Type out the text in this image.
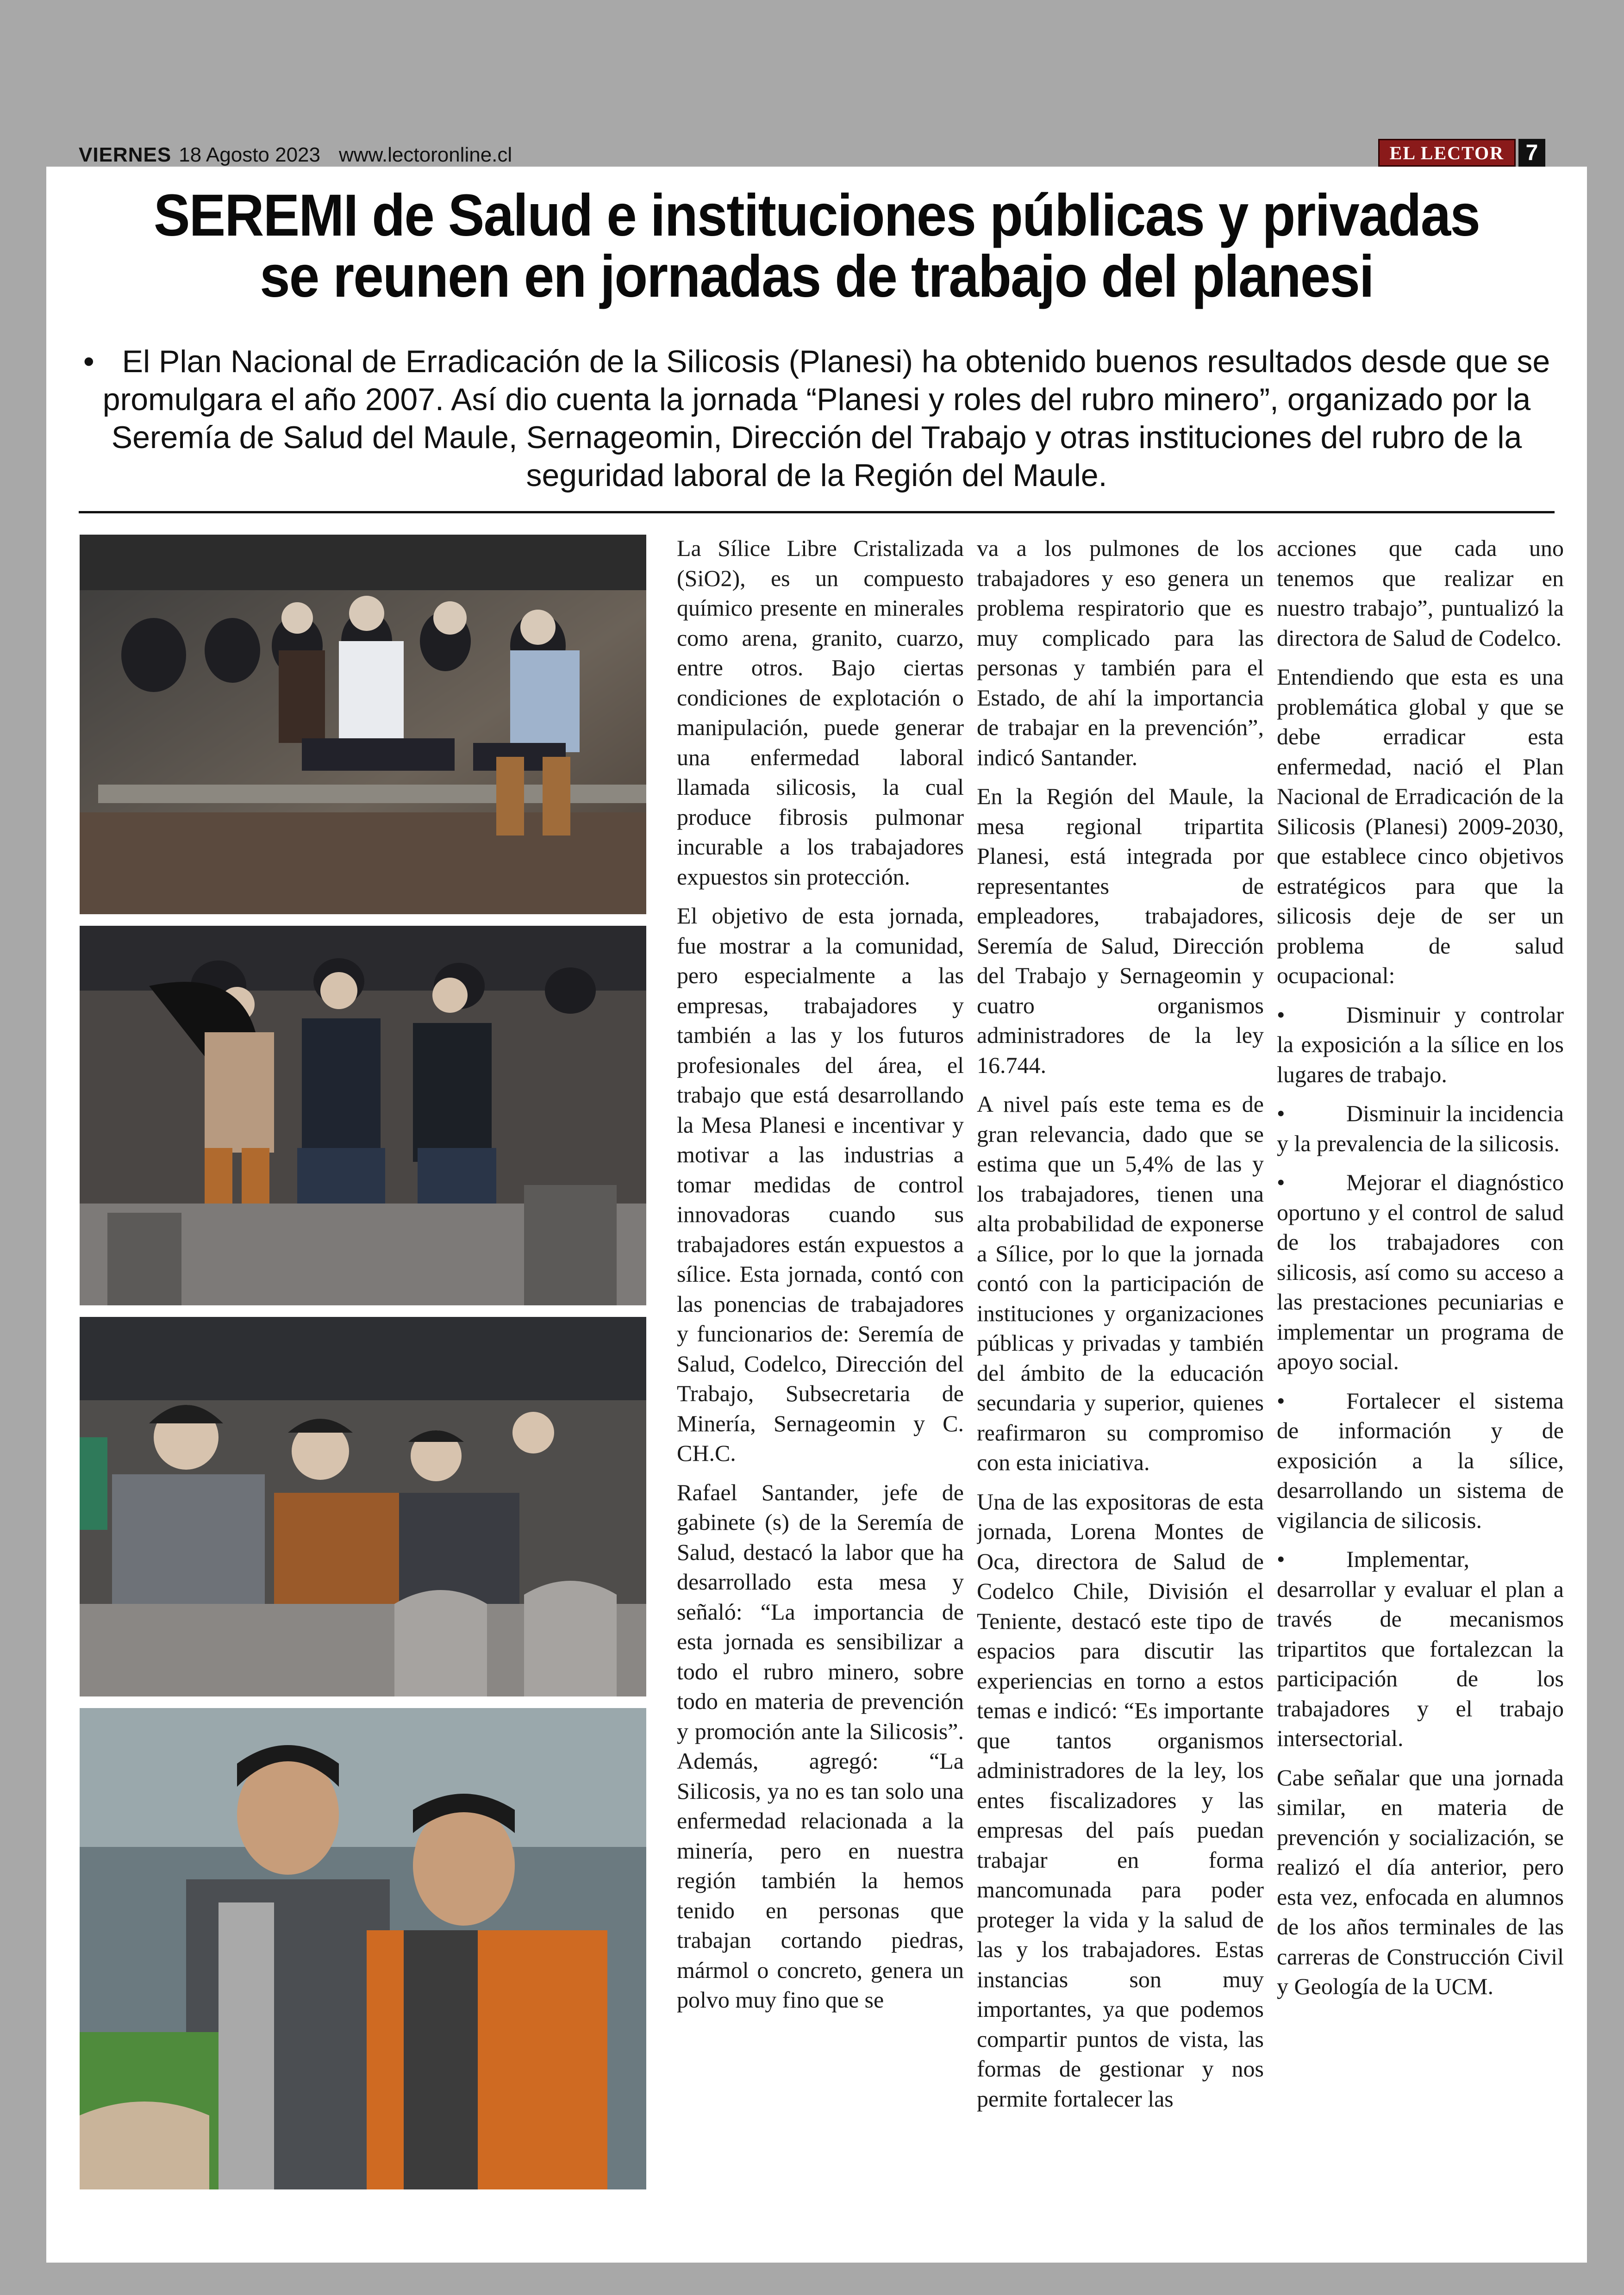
VIERNES 18 Agosto 2023 www.lectoronline.cl	EL LECTOR 7
SEREMI de Salud e instituciones públicas y privadas se reunen en jornadas de trabajo del planesi
• El Plan Nacional de Erradicación de la Silicosis (Planesi) ha obtenido buenos resultados desde que se promulgara el año 2007. Así dio cuenta la jornada “Planesi y roles del rubro minero”, organizado por la Seremía de Salud del Maule, Sernageomin, Dirección del Trabajo y otras instituciones del rubro de la seguridad laboral de la Región del Maule.

La Sílice Libre Cristalizada (SiO2), es un compuesto químico presente en minerales como arena, granito, cuarzo, entre otros. Bajo ciertas condiciones de explotación o manipulación, puede generar una enfermedad laboral llamada silicosis, la cual produce fibrosis pulmonar incurable a los trabajadores expuestos sin protección.

El objetivo de esta jornada, fue mostrar a la comunidad, pero especialmente a las empresas, trabajadores y también a las y los futuros profesionales del área, el trabajo que está desarrollando la Mesa Planesi e incentivar y motivar a las industrias a tomar medidas de control innovadoras cuando sus trabajadores están expuestos a sílice. Esta jornada, contó con las ponencias de trabajadores y funcionarios de: Seremía de Salud, Codelco, Dirección del Trabajo, Subsecretaria de Minería, Sernageomin y C. CH.C.

Rafael Santander, jefe de gabinete (s) de la Seremía de Salud, destacó la labor que ha desarrollado esta mesa y señaló: “La importancia de esta jornada es sensibilizar a todo el rubro minero, sobre todo en materia de prevención y promoción ante la Silicosis”. Además, agregó: “La Silicosis, ya no es tan solo una enfermedad relacionada a la minería, pero en nuestra región también la hemos tenido en personas que trabajan cortando piedras, mármol o concreto, genera un polvo muy fino que se

va a los pulmones de los trabajadores y eso genera un problema respiratorio que es muy complicado para las personas y también para el Estado, de ahí la importancia de trabajar en la prevención”, indicó Santander.

En la Región del Maule, la mesa regional tripartita Planesi, está integrada por representantes de empleadores, trabajadores, Seremía de Salud, Dirección del Trabajo y Sernageomin y cuatro organismos administradores de la ley 16.744.

A nivel país este tema es de gran relevancia, dado que se estima que un 5,4% de las y los trabajadores, tienen una alta probabilidad de exponerse a Sílice, por lo que la jornada contó con la participación de instituciones y organizaciones públicas y privadas y también del ámbito de la educación secundaria y superior, quienes reafirmaron su compromiso con esta iniciativa.

Una de las expositoras de esta jornada, Lorena Montes de Oca, directora de Salud de Codelco Chile, División el Teniente, destacó este tipo de espacios para discutir las experiencias en torno a estos temas e indicó: “Es importante que tantos organismos administradores de la ley, los entes fiscalizadores y las empresas del país puedan trabajar en forma mancomunada para poder proteger la vida y la salud de las y los trabajadores. Estas instancias son muy importantes, ya que podemos compartir puntos de vista, las formas de gestionar y nos permite fortalecer las

acciones que cada uno tenemos que realizar en nuestro trabajo”, puntualizó la directora de Salud de Codelco.

Entendiendo que esta es una problemática global y que se debe erradicar esta enfermedad, nació el Plan Nacional de Erradicación de la Silicosis (Planesi) 2009-2030, que establece cinco objetivos estratégicos para que la silicosis deje de ser un problema de salud ocupacional:

•	Disminuir y controlar la exposición a la sílice en los lugares de trabajo.

•	Disminuir la incidencia y la prevalencia de la silicosis.

•	Mejorar el diagnóstico oportuno y el control de salud de los trabajadores con silicosis, así como su acceso a las prestaciones pecuniarias e implementar un programa de apoyo social.

•	Fortalecer el sistema de información y de exposición a la sílice, desarrollando un sistema de vigilancia de silicosis.

•	Implementar, desarrollar y evaluar el plan a través de mecanismos tripartitos que fortalezcan la participación de los trabajadores y el trabajo intersectorial.

Cabe señalar que una jornada similar, en materia de prevención y socialización, se realizó el día anterior, pero esta vez, enfocada en alumnos de los años terminales de las carreras de Construcción Civil y Geología de la UCM.
